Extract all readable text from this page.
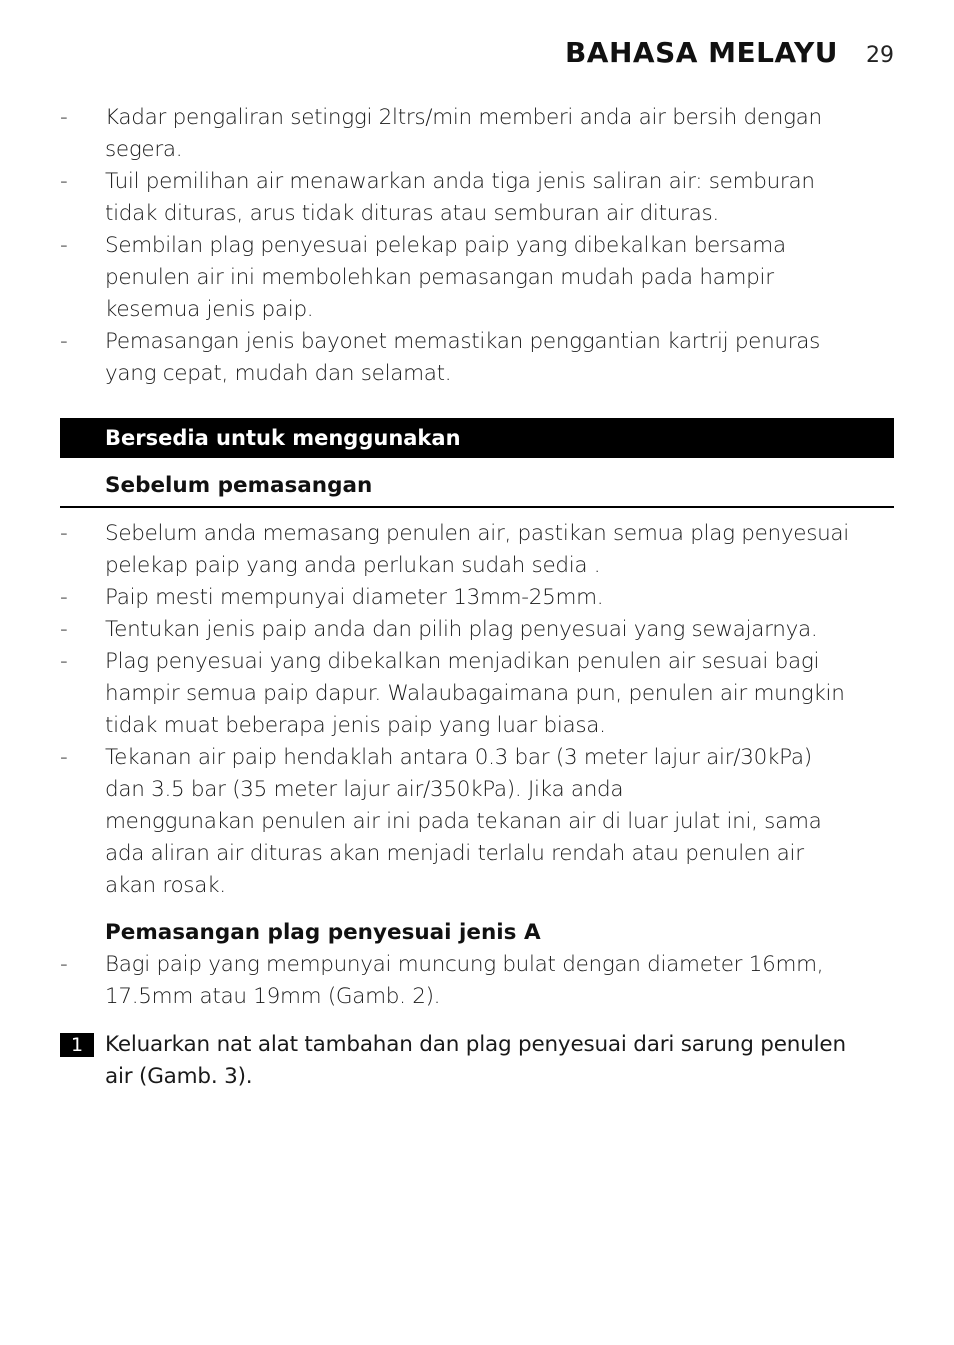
BAHASA MELAYU 29
-	Kadar pengaliran setinggi 2ltrs/min memberi anda air bersih dengan
segera.
-	Tuil pemilihan air menawarkan anda tiga jenis saliran air: semburan
tidak dituras, arus tidak dituras atau semburan air dituras.
-	Sembilan plag penyesuai pelekap paip yang dibekalkan bersama
penulen air ini membolehkan pemasangan mudah pada hampir
kesemua jenis paip.
-	Pemasangan jenis bayonet memastikan penggantian kartrij penuras
yang cepat, mudah dan selamat.
Bersedia untuk menggunakan
Sebelum pemasangan
-	Sebelum anda memasang penulen air, pastikan semua plag penyesuai
pelekap paip yang anda perlukan sudah sedia .
-	Paip mesti mempunyai diameter 13mm-25mm.
-	Tentukan jenis paip anda dan pilih plag penyesuai yang sewajarnya.
-	Plag penyesuai yang dibekalkan menjadikan penulen air sesuai bagi
hampir semua paip dapur. Walaubagaimana pun, penulen air mungkin
tidak muat beberapa jenis paip yang luar biasa.
-	Tekanan air paip hendaklah antara 0.3 bar (3 meter lajur air/30kPa)
dan 3.5 bar (35 meter lajur air/350kPa). Jika anda
menggunakan penulen air ini pada tekanan air di luar julat ini, sama
ada aliran air dituras akan menjadi terlalu rendah atau penulen air
akan rosak.
Pemasangan plag penyesuai jenis A
-	Bagi paip yang mempunyai muncung bulat dengan diameter 16mm,
17.5mm atau 19mm (Gamb. 2).
1	Keluarkan nat alat tambahan dan plag penyesuai dari sarung penulen
air (Gamb. 3).
